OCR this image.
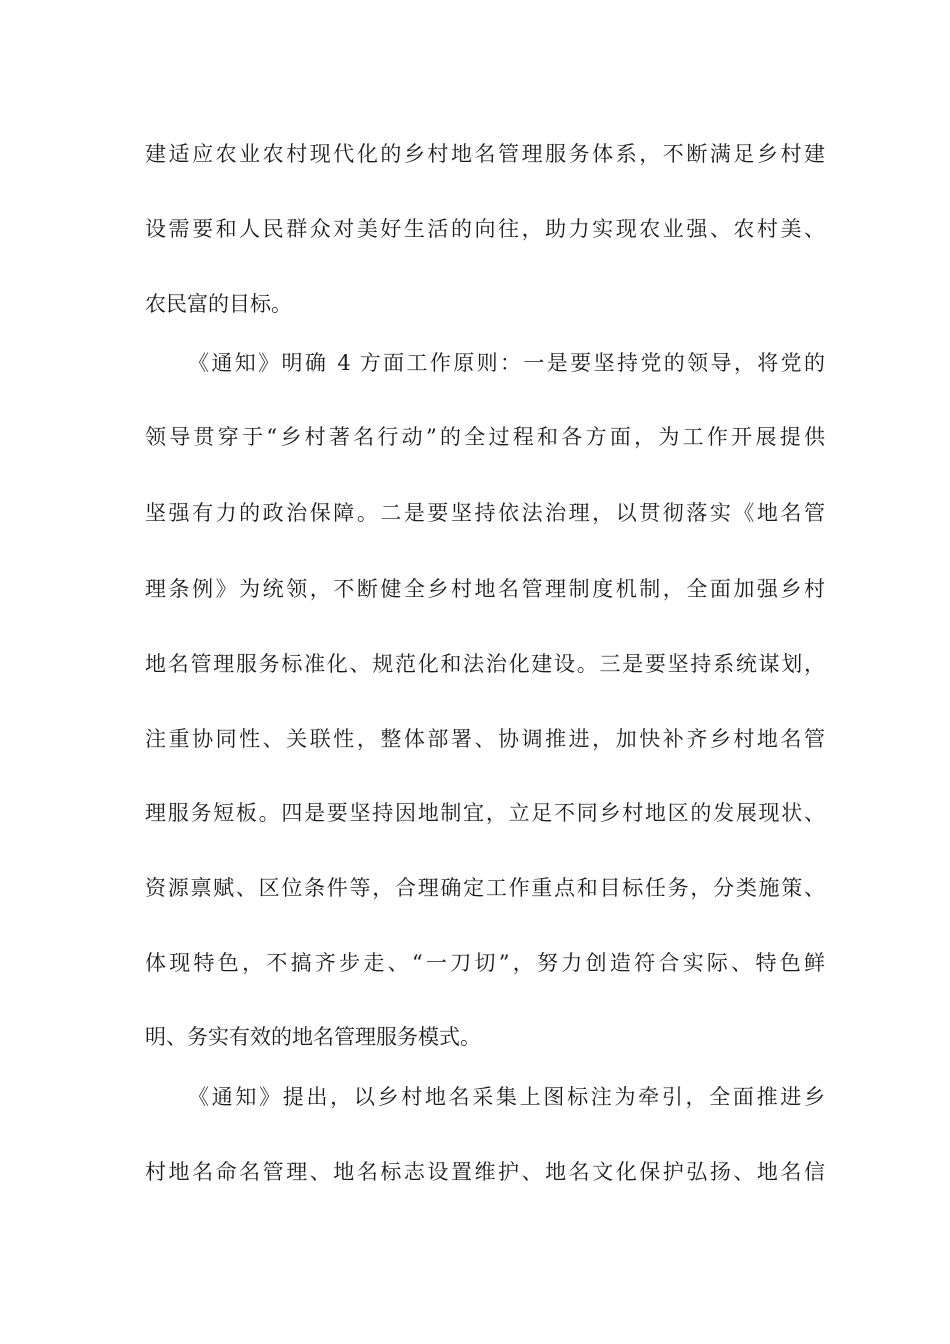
建适应农业农村现代化的乡村地名管理服务体系，不断满足乡村建
设需要和人民群众对美好生活的向往，助力实现农业强、农村美、
农民富的目标。
《通知》明确 4 方面工作原则：一是要坚持党的领导，将党的
领导贯穿于“乡村著名行动”的全过程和各方面，为工作开展提供
坚强有力的政治保障。二是要坚持依法治理，以贯彻落实《地名管
理条例》为统领，不断健全乡村地名管理制度机制，全面加强乡村
地名管理服务标准化、规范化和法治化建设。三是要坚持系统谋划，
注重协同性、关联性，整体部署、协调推进，加快补齐乡村地名管
理服务短板。四是要坚持因地制宜，立足不同乡村地区的发展现状、
资源禀赋、区位条件等，合理确定工作重点和目标任务，分类施策、
体现特色，不搞齐步走、“一刀切”，努力创造符合实际、特色鲜
明、务实有效的地名管理服务模式。
《通知》提出，以乡村地名采集上图标注为牵引，全面推进乡
村地名命名管理、地名标志设置维护、地名文化保护弘扬、地名信
